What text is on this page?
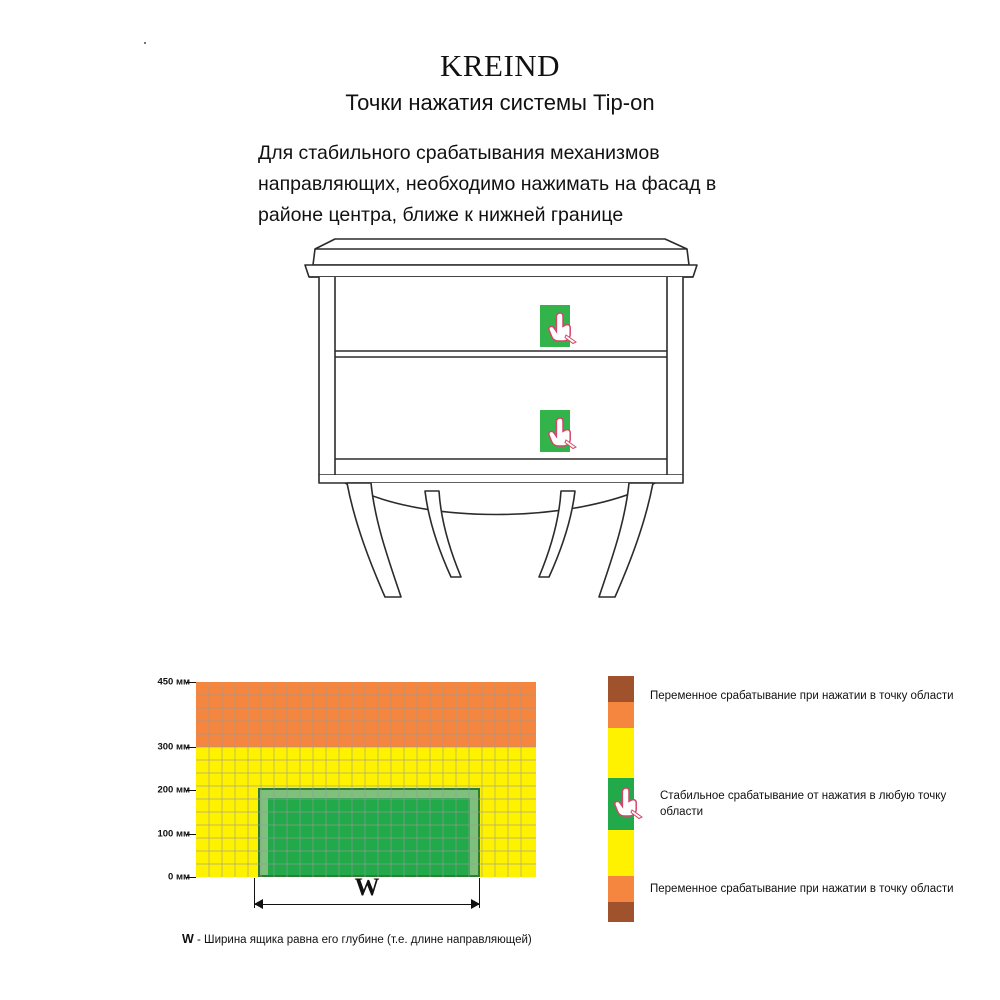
KREIND
Точки нажатия системы Tip-on
Для стабильного срабатывания механизмов направляющих, необходимо нажимать на фасад в районе центра, ближе к нижней границе
450 мм
300 мм
200 мм
100 мм
0 мм	W
W - Ширина ящика равна его глубине (т.е. длине направляющей)
Переменное срабатывание при нажатии в точку области
Стабильное срабатывание от нажатия в любую точку области
Переменное срабатывание при нажатии в точку области
